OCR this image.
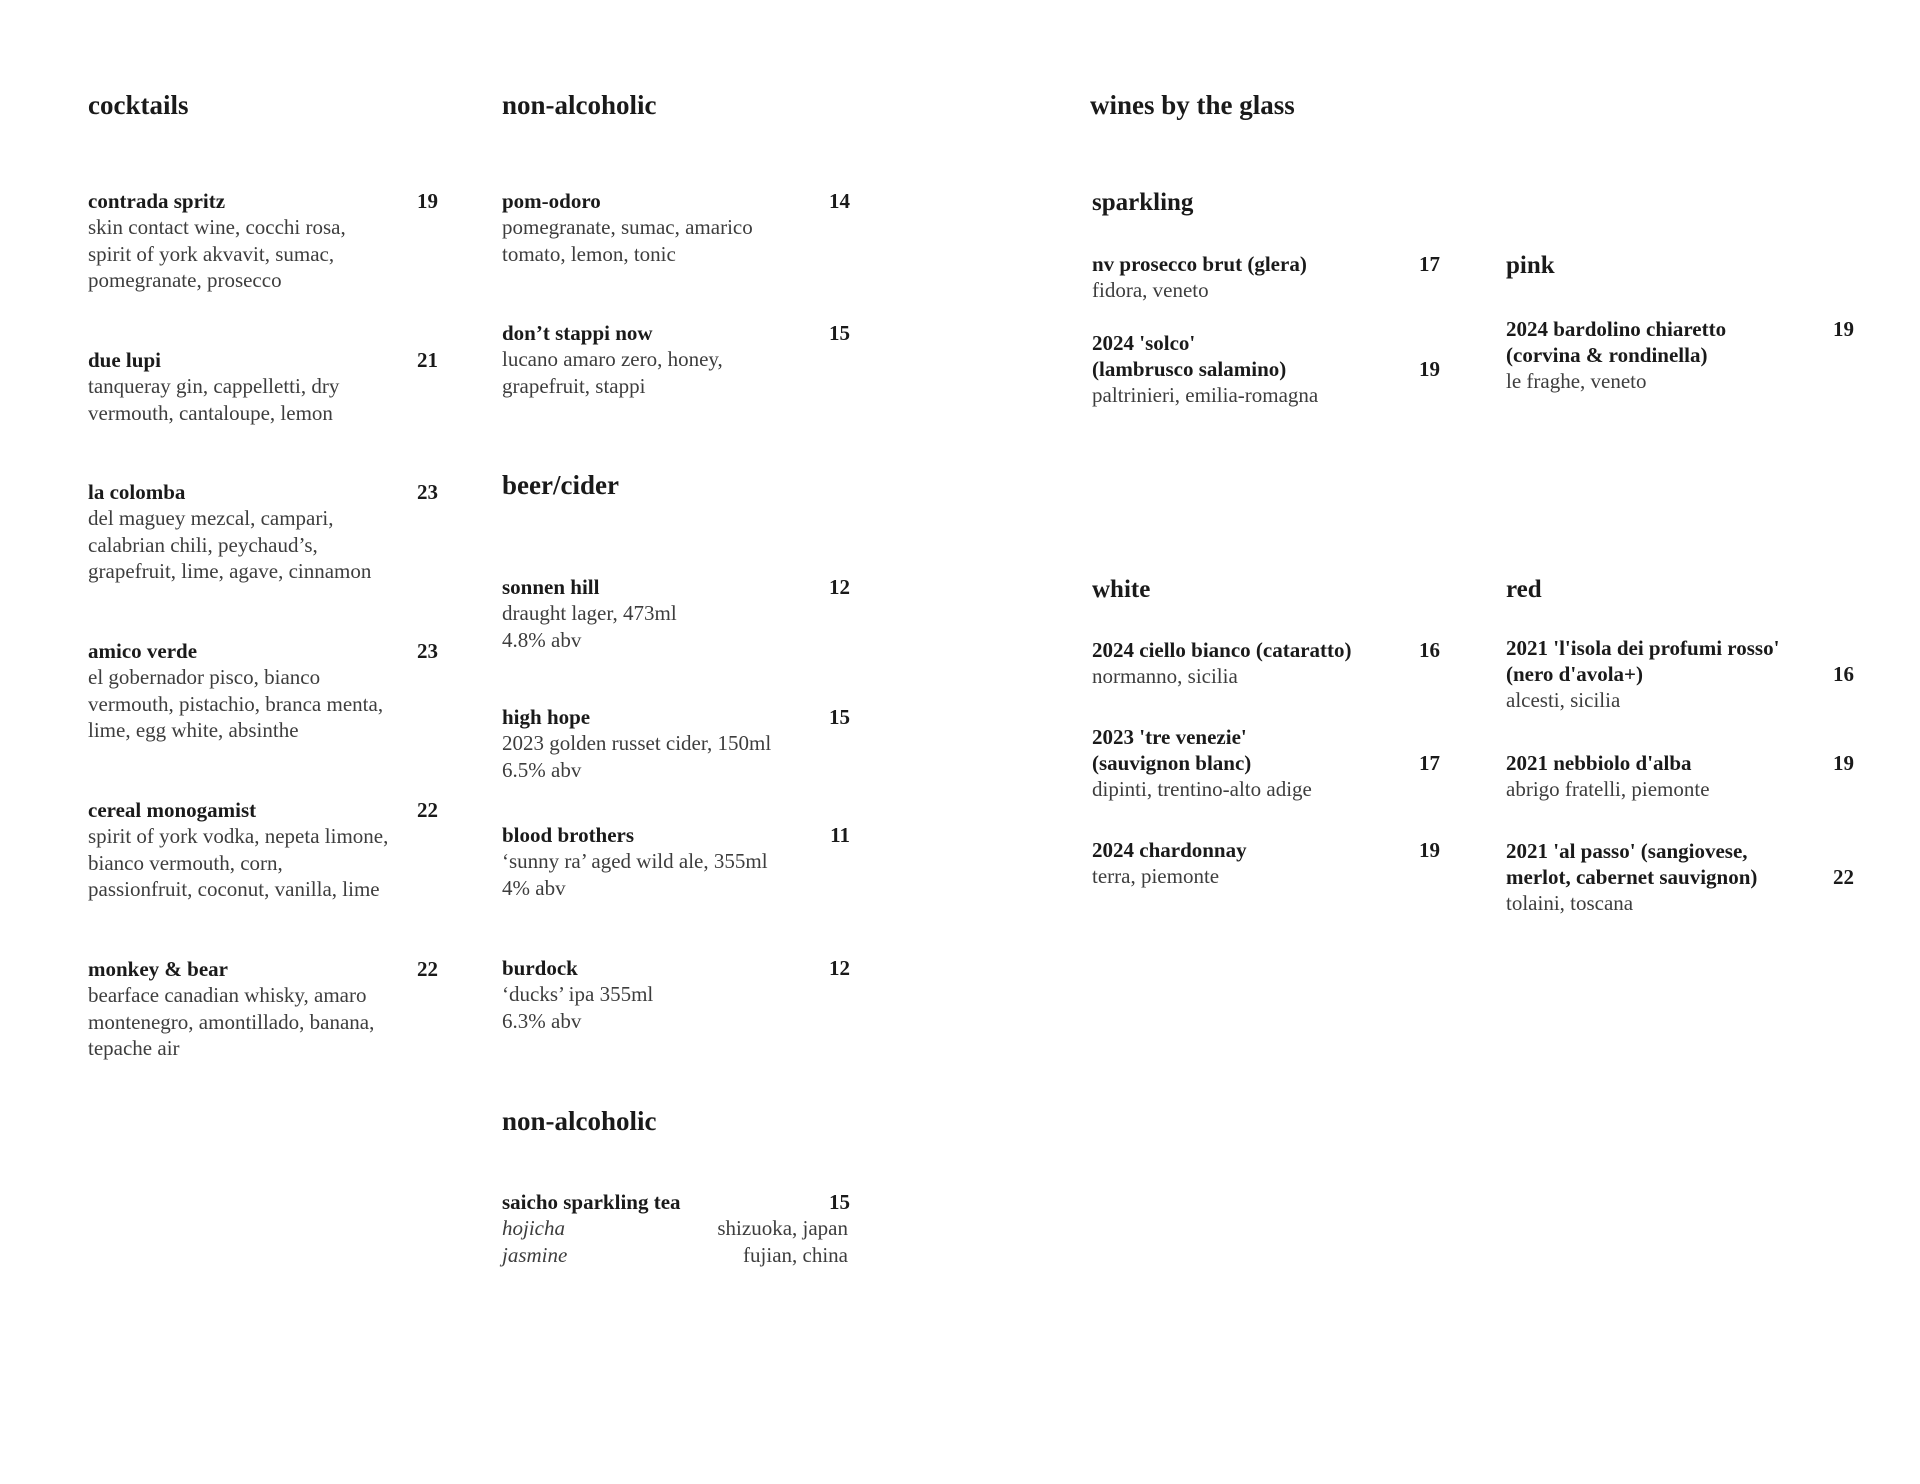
cocktails
contrada spritz	19
skin contact wine, cocchi rosa,
spirit of york akvavit, sumac,
pomegranate, prosecco
due lupi	21
tanqueray gin, cappelletti, dry
vermouth, cantaloupe, lemon
la colomba	23
del maguey mezcal, campari,
calabrian chili, peychaud’s,
grapefruit, lime, agave, cinnamon
amico verde	23
el gobernador pisco, bianco
vermouth, pistachio, branca menta,
lime, egg white, absinthe
cereal monogamist	22
spirit of york vodka, nepeta limone,
bianco vermouth, corn,
passionfruit, coconut, vanilla, lime
monkey & bear	22
bearface canadian whisky, amaro
montenegro, amontillado, banana,
tepache air
non-alcoholic
pom-odoro	14
pomegranate, sumac, amarico
tomato, lemon, tonic
don’t stappi now	15
lucano amaro zero, honey,
grapefruit, stappi
beer/cider
sonnen hill	12
draught lager, 473ml
4.8% abv
high hope	15
2023 golden russet cider, 150ml
6.5% abv
blood brothers	11
‘sunny ra’ aged wild ale, 355ml
4% abv
burdock	12
‘ducks’ ipa 355ml
6.3% abv
non-alcoholic
saicho sparkling tea	15
hojicha	shizuoka, japan
jasmine	fujian, china
wines by the glass
sparkling
nv prosecco brut (glera)	17
fidora, veneto
2024 'solco'
(lambrusco salamino)	19
paltrinieri, emilia-romagna
white
2024 ciello bianco (cataratto)	16
normanno, sicilia
2023 'tre venezie'
(sauvignon blanc)	17
dipinti, trentino-alto adige
2024 chardonnay	19
terra, piemonte
pink
2024 bardolino chiaretto
(corvina & rondinella)
19
le fraghe, veneto
red
2021 'l'isola dei profumi rosso'
(nero d'avola+)	16
alcesti, sicilia
2021 nebbiolo d'alba	19
abrigo fratelli, piemonte
2021 'al passo' (sangiovese,
merlot, cabernet sauvignon)	22
tolaini, toscana
